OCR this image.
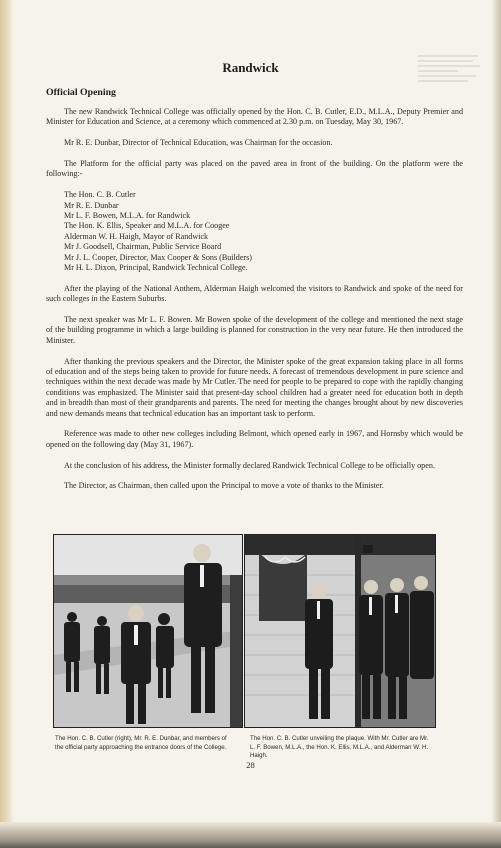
Randwick
Official Opening

The new Randwick Technical College was officially opened by the Hon. C. B. Cutler, E.D., M.L.A., Deputy Premier and Minister for Education and Science, at a ceremony which commenced at 2.30 p.m. on Tuesday, May 30, 1967.

Mr R. E. Dunbar, Director of Technical Education, was Chairman for the occasion.

The Platform for the official party was placed on the paved area in front of the building. On the platform were the following:-

The Hon. C. B. Cutler
Mr R. E. Dunbar
Mr L. F. Bowen, M.L.A. for Randwick
The Hon. K. Ellis, Speaker and M.L.A. for Coogee
Alderman W. H. Haigh, Mayor of Randwick
Mr J. Goodsell, Chairman, Public Service Board
Mr J. L. Cooper, Director, Max Cooper & Sons (Builders)
Mr H. L. Dixon, Principal, Randwick Technical College.

After the playing of the National Anthem, Alderman Haigh welcomed the visitors to Randwick and spoke of the need for such colleges in the Eastern Suburbs.

The next speaker was Mr L. F. Bowen. Mr Bowen spoke of the development of the college and mentioned the next stage of the building programme in which a large building is planned for construction in the very near future. He then introduced the Minister.

After thanking the previous speakers and the Director, the Minister spoke of the great expansion taking place in all forms of education and of the steps being taken to provide for future needs. A forecast of tremendous development in pure science and techniques within the next decade was made by Mr Cutler. The need for people to be prepared to cope with the rapidly changing conditions was emphasized. The Minister said that present-day school children had a greater need for education both in depth and in breadth than most of their grandparents and parents. The need for meeting the changes brought about by new discoveries and new demands means that technical education has an important task to perform.

Reference was made to other new colleges including Belmont, which opened early in 1967, and Hornsby which would be opened on the following day (May 31, 1967).

At the conclusion of his address, the Minister formally declared Randwick Technical College to be officially open.

The Director, as Chairman, then called upon the Principal to move a vote of thanks to the Minister.

The Hon. C. B. Cutler (right), Mr. R. E. Dunbar, and members of the official party approaching the entrance doors of the College.
The Hon. C. B. Cutler unveiling the plaque. With Mr. Cutler are Mr. L. F. Bowen, M.L.A., the Hon. K. Ellis, M.L.A., and Alderman W. H. Haigh.
28
